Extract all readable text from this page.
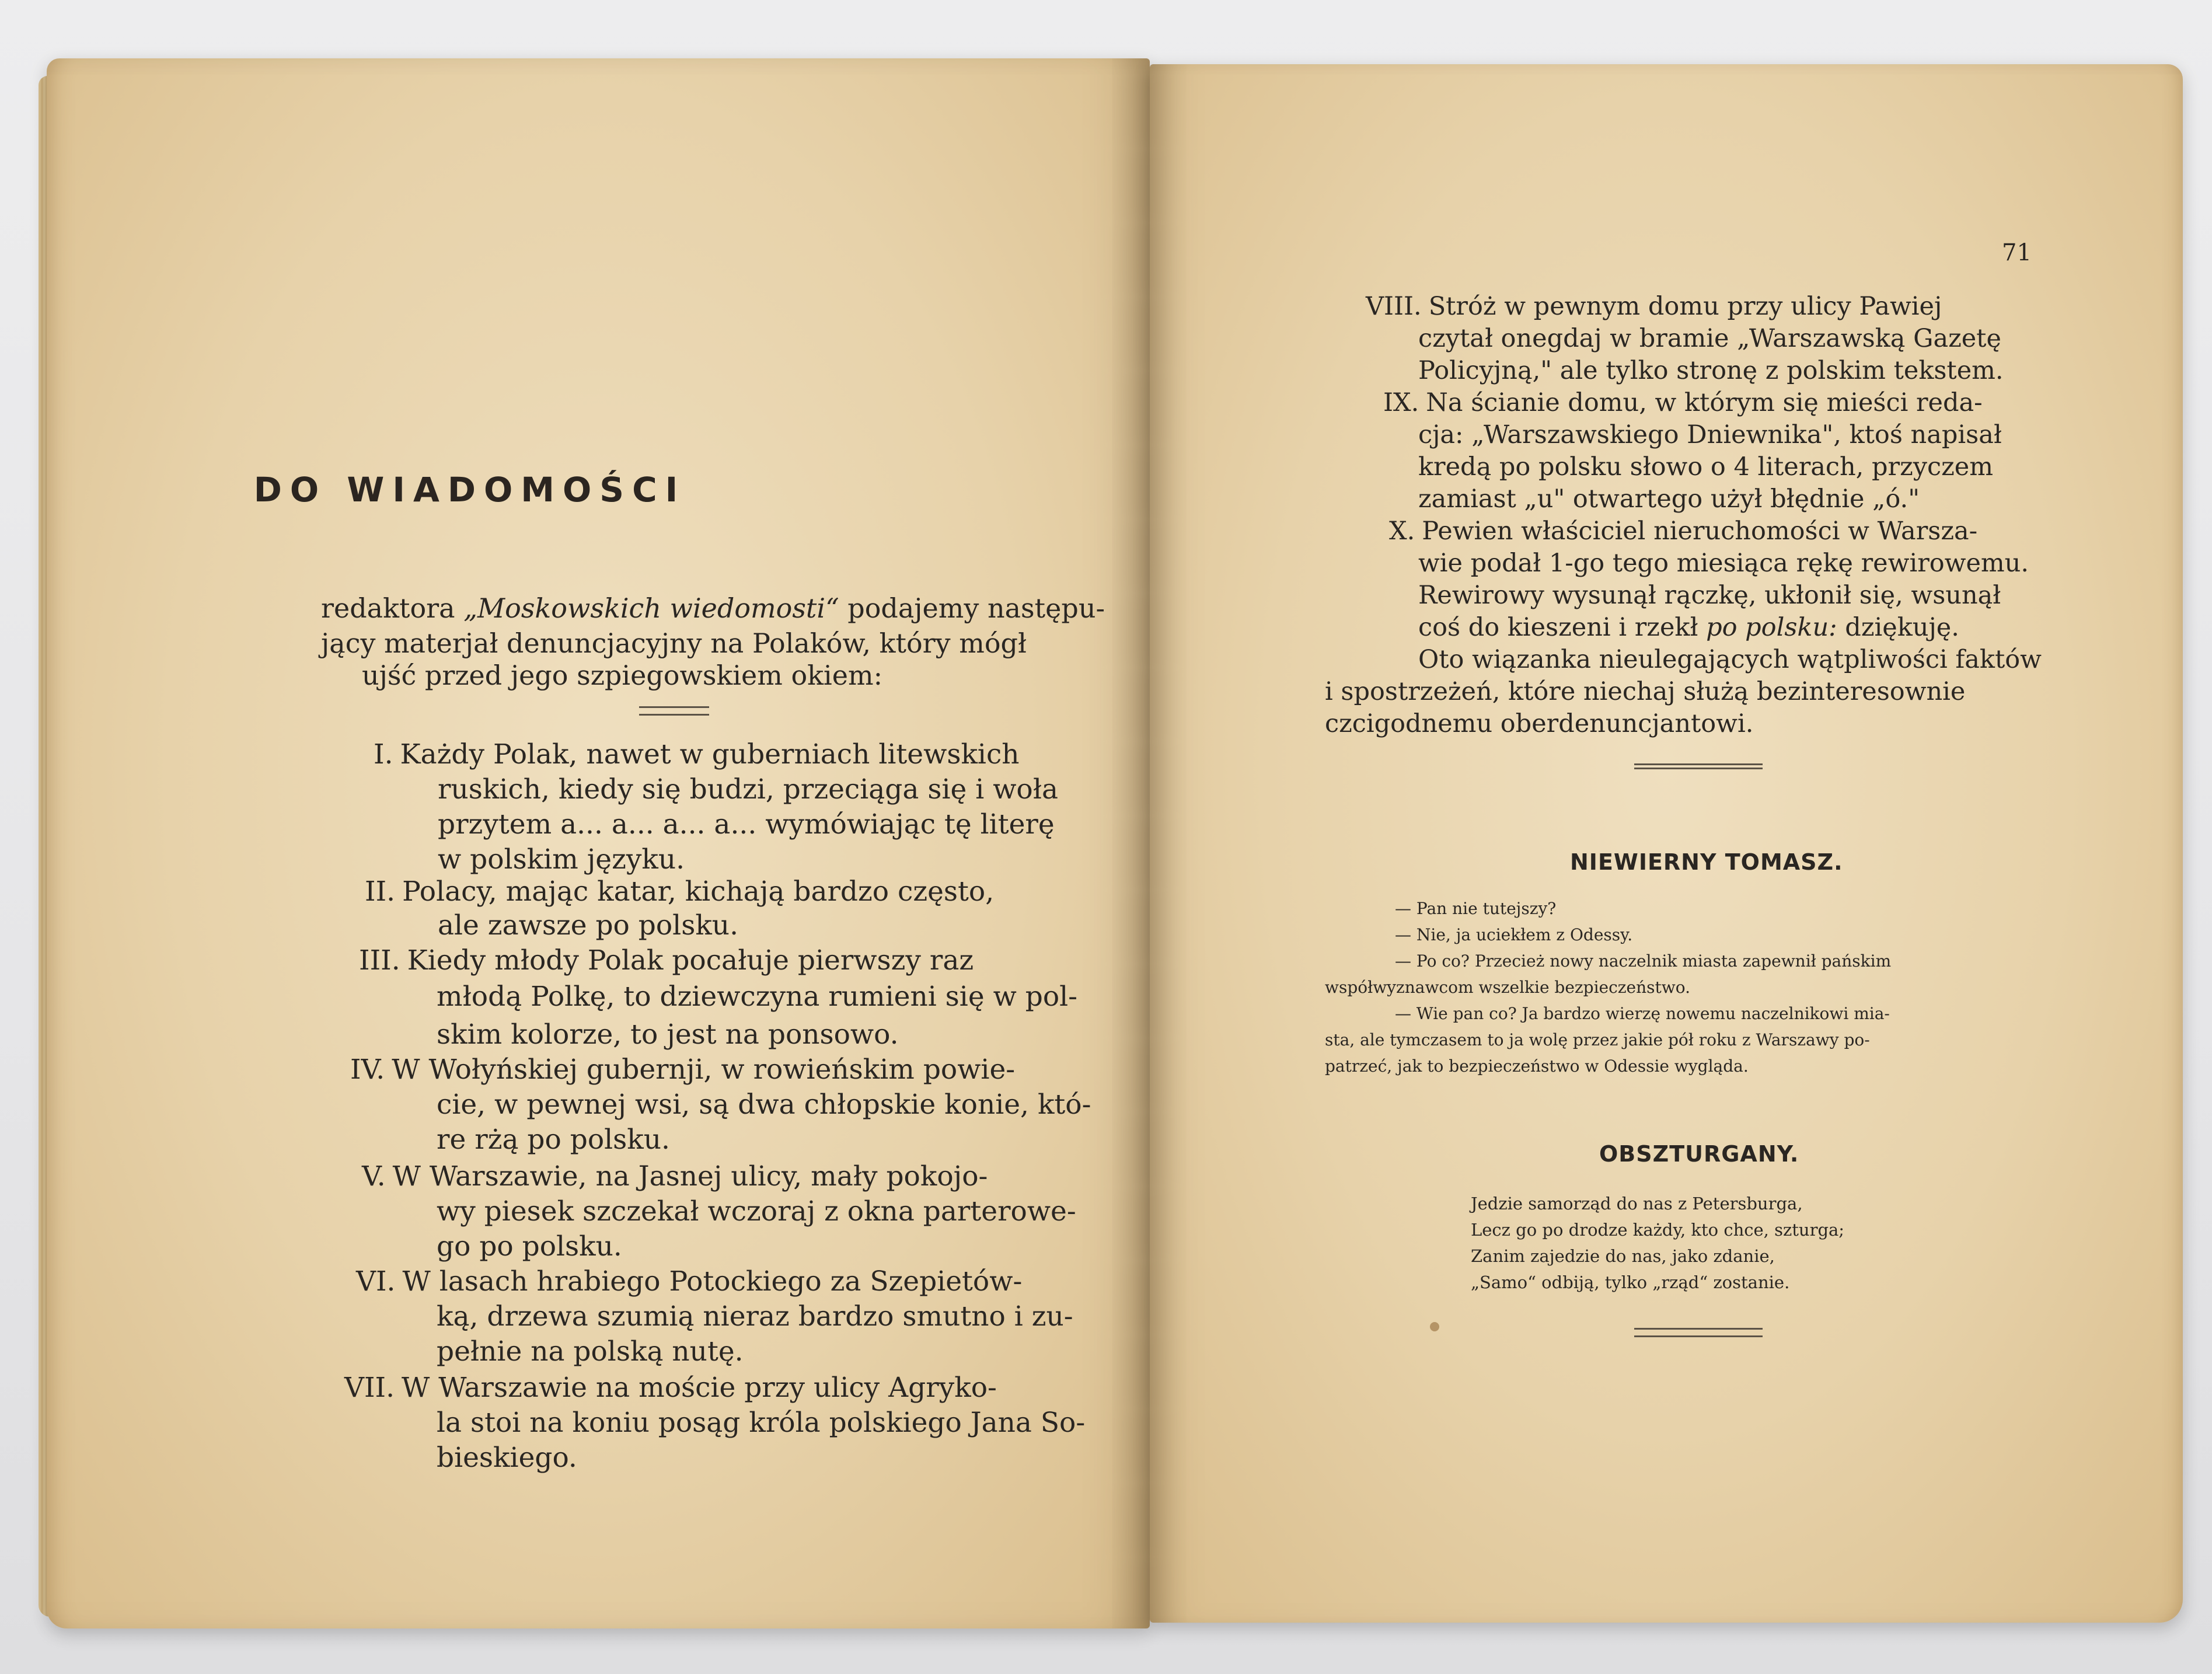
DO WIADOMOŚCI
redaktora „Moskowskich wiedomosti“ podajemy następu-
jący materjał denuncjacyjny na Polaków, który mógł
ujść przed jego szpiegowskiem okiem:
I. Każdy Polak, nawet w guberniach litewskich
ruskich, kiedy się budzi, przeciąga się i woła
przytem a... a... a... a... wymówiając tę literę
w polskim języku.
II. Polacy, mając katar, kichają bardzo często,
ale zawsze po polsku.
III. Kiedy młody Polak pocałuje pierwszy raz
młodą Polkę, to dziewczyna rumieni się w pol-
skim kolorze, to jest na ponsowo.
IV. W Wołyńskiej gubernji, w rowieńskim powie-
cie, w pewnej wsi, są dwa chłopskie konie, któ-
re rżą po polsku.
V. W Warszawie, na Jasnej ulicy, mały pokojo-
wy piesek szczekał wczoraj z okna parterowe-
go po polsku.
VI. W lasach hrabiego Potockiego za Szepietów-
ką, drzewa szumią nieraz bardzo smutno i zu-
pełnie na polską nutę.
VII. W Warszawie na moście przy ulicy Agryko-
la stoi na koniu posąg króla polskiego Jana So-
bieskiego.
71
VIII. Stróż w pewnym domu przy ulicy Pawiej
czytał onegdaj w bramie „Warszawską Gazetę
Policyjną," ale tylko stronę z polskim tekstem.
IX. Na ścianie domu, w którym się mieści reda-
cja: „Warszawskiego Dniewnika", ktoś napisał
kredą po polsku słowo o 4 literach, przyczem
zamiast „u" otwartego użył błędnie „ó."
X. Pewien właściciel nieruchomości w Warsza-
wie podał 1-go tego miesiąca rękę rewirowemu.
Rewirowy wysunął rączkę, ukłonił się, wsunął
coś do kieszeni i rzekł po polsku: dziękuję.
Oto wiązanka nieulegających wątpliwości faktów
i spostrzeżeń, które niechaj służą bezinteresownie
czcigodnemu oberdenuncjantowi.
NIEWIERNY TOMASZ.
— Pan nie tutejszy?
— Nie, ja uciekłem z Odessy.
— Po co? Przecież nowy naczelnik miasta zapewnił pańskim
współwyznawcom wszelkie bezpieczeństwo.
— Wie pan co? Ja bardzo wierzę nowemu naczelnikowi mia-
sta, ale tymczasem to ja wolę przez jakie pół roku z Warszawy po-
patrzeć, jak to bezpieczeństwo w Odessie wygląda.
OBSZTURGANY.
Jedzie samorząd do nas z Petersburga,
Lecz go po drodze każdy, kto chce, szturga;
Zanim zajedzie do nas, jako zdanie,
„Samo“ odbiją, tylko „rząd“ zostanie.
